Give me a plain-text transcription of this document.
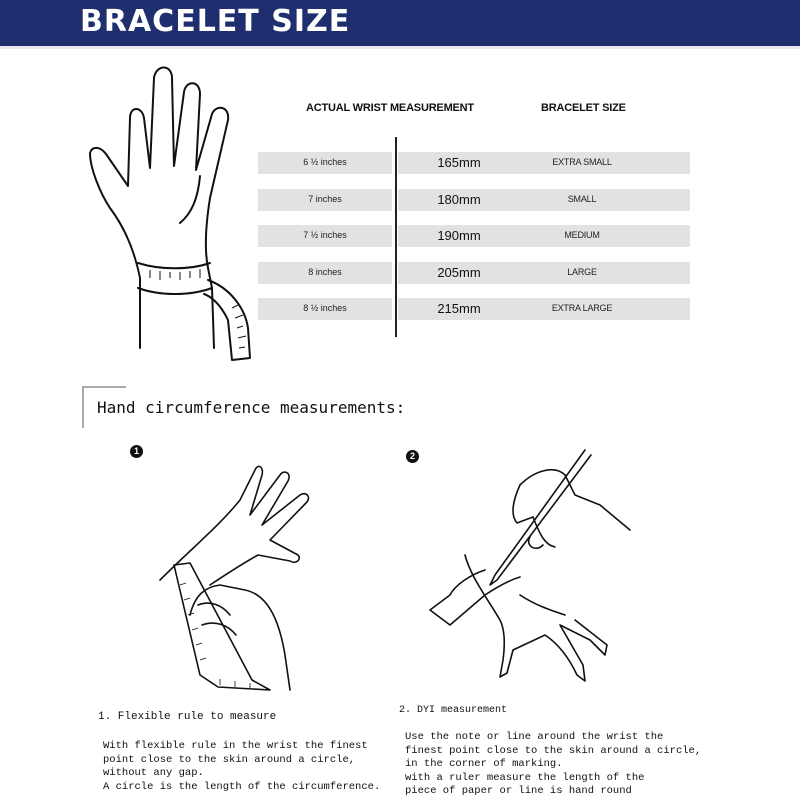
BRACELET SIZE
ACTUAL WRIST MEASUREMENT	BRACELET SIZE
6 ½ inches	165mm	EXTRA SMALL
7 inches	180mm	SMALL
7 ½ inches	190mm	MEDIUM
8 inches	205mm	LARGE
8 ½ inches	215mm	EXTRA LARGE
Hand circumference measurements:
1	2
1. Flexible rule to measure
2. DYI measurement
With flexible rule in the wrist the finest
point close to the skin around a circle,
without any gap.
A circle is the length of the circumference.
Use the note or line around the wrist the
finest point close to the skin around a circle,
in the corner of marking.
with a ruler measure the length of the
piece of paper or line is hand round
